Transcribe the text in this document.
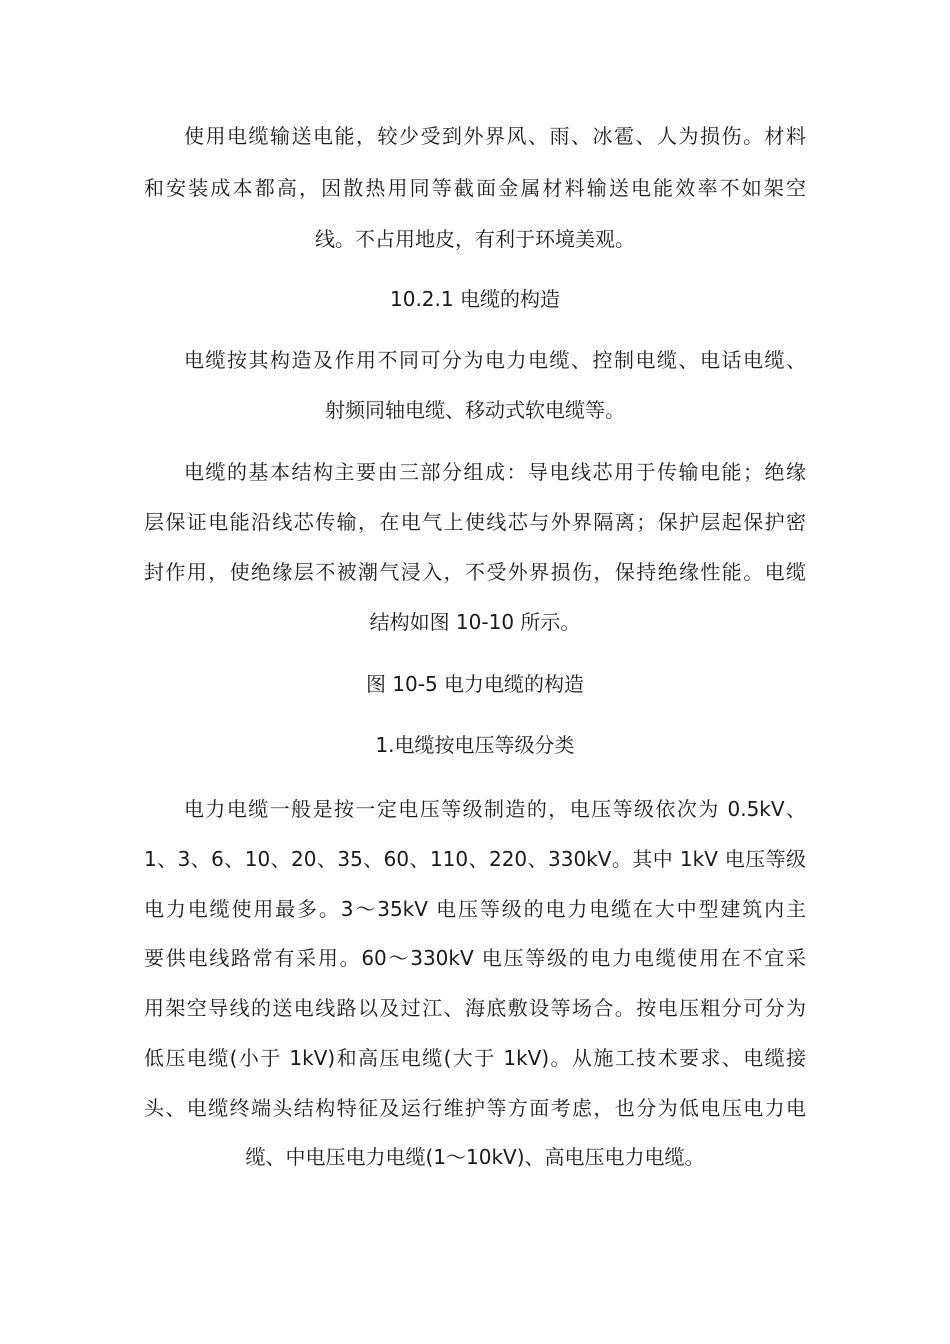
使用电缆输送电能，较少受到外界风、雨、冰雹、人为损伤。材料
和安装成本都高，因散热用同等截面金属材料输送电能效率不如架空
线。不占用地皮，有利于环境美观。
10.2.1 电缆的构造
电缆按其构造及作用不同可分为电力电缆、控制电缆、电话电缆、
射频同轴电缆、移动式软电缆等。
电缆的基本结构主要由三部分组成：导电线芯用于传输电能；绝缘
层保证电能沿线芯传输，在电气上使线芯与外界隔离；保护层起保护密
封作用，使绝缘层不被潮气浸入，不受外界损伤，保持绝缘性能。电缆
结构如图 10-10 所示。
图 10-5 电力电缆的构造
1.电缆按电压等级分类
电力电缆一般是按一定电压等级制造的，电压等级依次为 0.5kV、
1、3、6、10、20、35、60、110、220、330kV。其中 1kV 电压等级
电力电缆使用最多。3～35kV 电压等级的电力电缆在大中型建筑内主
要供电线路常有采用。60～330kV 电压等级的电力电缆使用在不宜采
用架空导线的送电线路以及过江、海底敷设等场合。按电压粗分可分为
低压电缆(小于 1kV)和高压电缆(大于 1kV)。从施工技术要求、电缆接
头、电缆终端头结构特征及运行维护等方面考虑，也分为低电压电力电
缆、中电压电力电缆(1～10kV)、高电压电力电缆。
